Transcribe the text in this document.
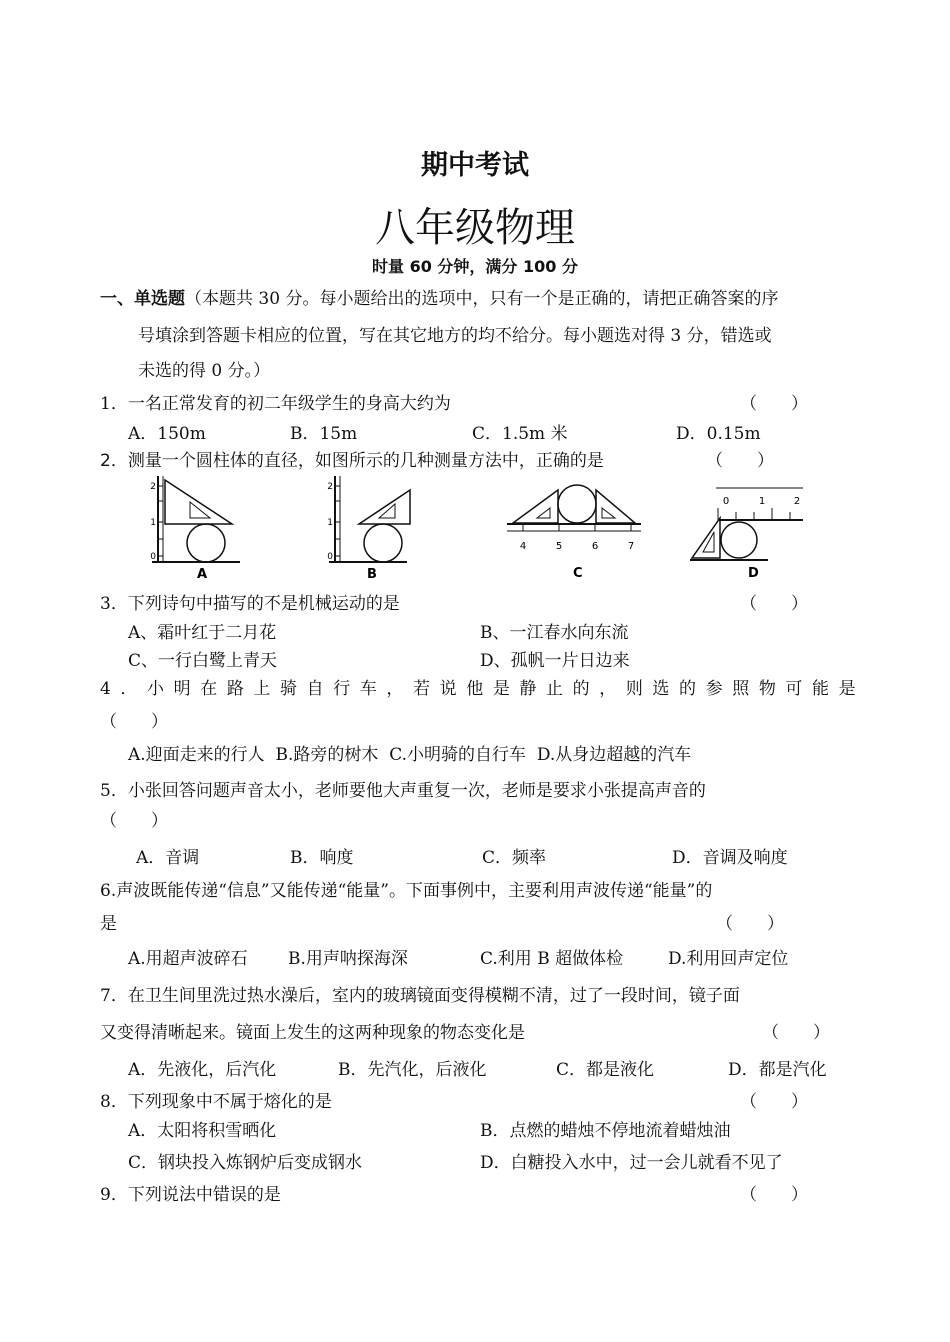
期中考试
八年级物理
时量 60 分钟，满分 100 分
一、单选题（本题共 30 分。每小题给出的选项中，只有一个是正确的，请把正确答案的序
号填涂到答题卡相应的位置，写在其它地方的均不给分。每小题选对得 3 分，错选或
未选的得 0 分。）
1．一名正常发育的初二年级学生的身高大约为	（　　）
A．150m	B．15m	C．1.5m 米	D．0.15m
2．测量一个圆柱体的直径，如图所示的几种测量方法中，正确的是	（　　）
2
1
0
A
2
1
0
B
4	5	6	7
C
0	1	2
D
3．下列诗句中描写的不是机械运动的是	（　　）
A、霜叶红于二月花	B、一江春水向东流
C、一行白鹭上青天	D、孤帆一片日边来
4．小明在路上骑自行车，若说他是静止的，则选的参照物可能是
（　　）
A.迎面走来的行人 B.路旁的树木 C.小明骑的自行车 D.从身边超越的汽车
5．小张回答问题声音太小，老师要他大声重复一次，老师是要求小张提高声音的
（　　）
A．音调	B．响度	C．频率	D．音调及响度
6.声波既能传递“信息”又能传递“能量”。下面事例中，主要利用声波传递“能量”的
是	（　　）
A.用超声波碎石 B.用声呐探海深	C.利用 B 超做体检	D.利用回声定位
7．在卫生间里洗过热水澡后，室内的玻璃镜面变得模糊不清，过了一段时间，镜子面
又变得清晰起来。镜面上发生的这两种现象的物态变化是	（　　）
A．先液化，后汽化	B．先汽化，后液化	C．都是液化	D．都是汽化
8．下列现象中不属于熔化的是	（　　）
A．太阳将积雪晒化	B．点燃的蜡烛不停地流着蜡烛油
C．钢块投入炼钢炉后变成钢水	D．白糖投入水中，过一会儿就看不见了
9．下列说法中错误的是	（　　）
